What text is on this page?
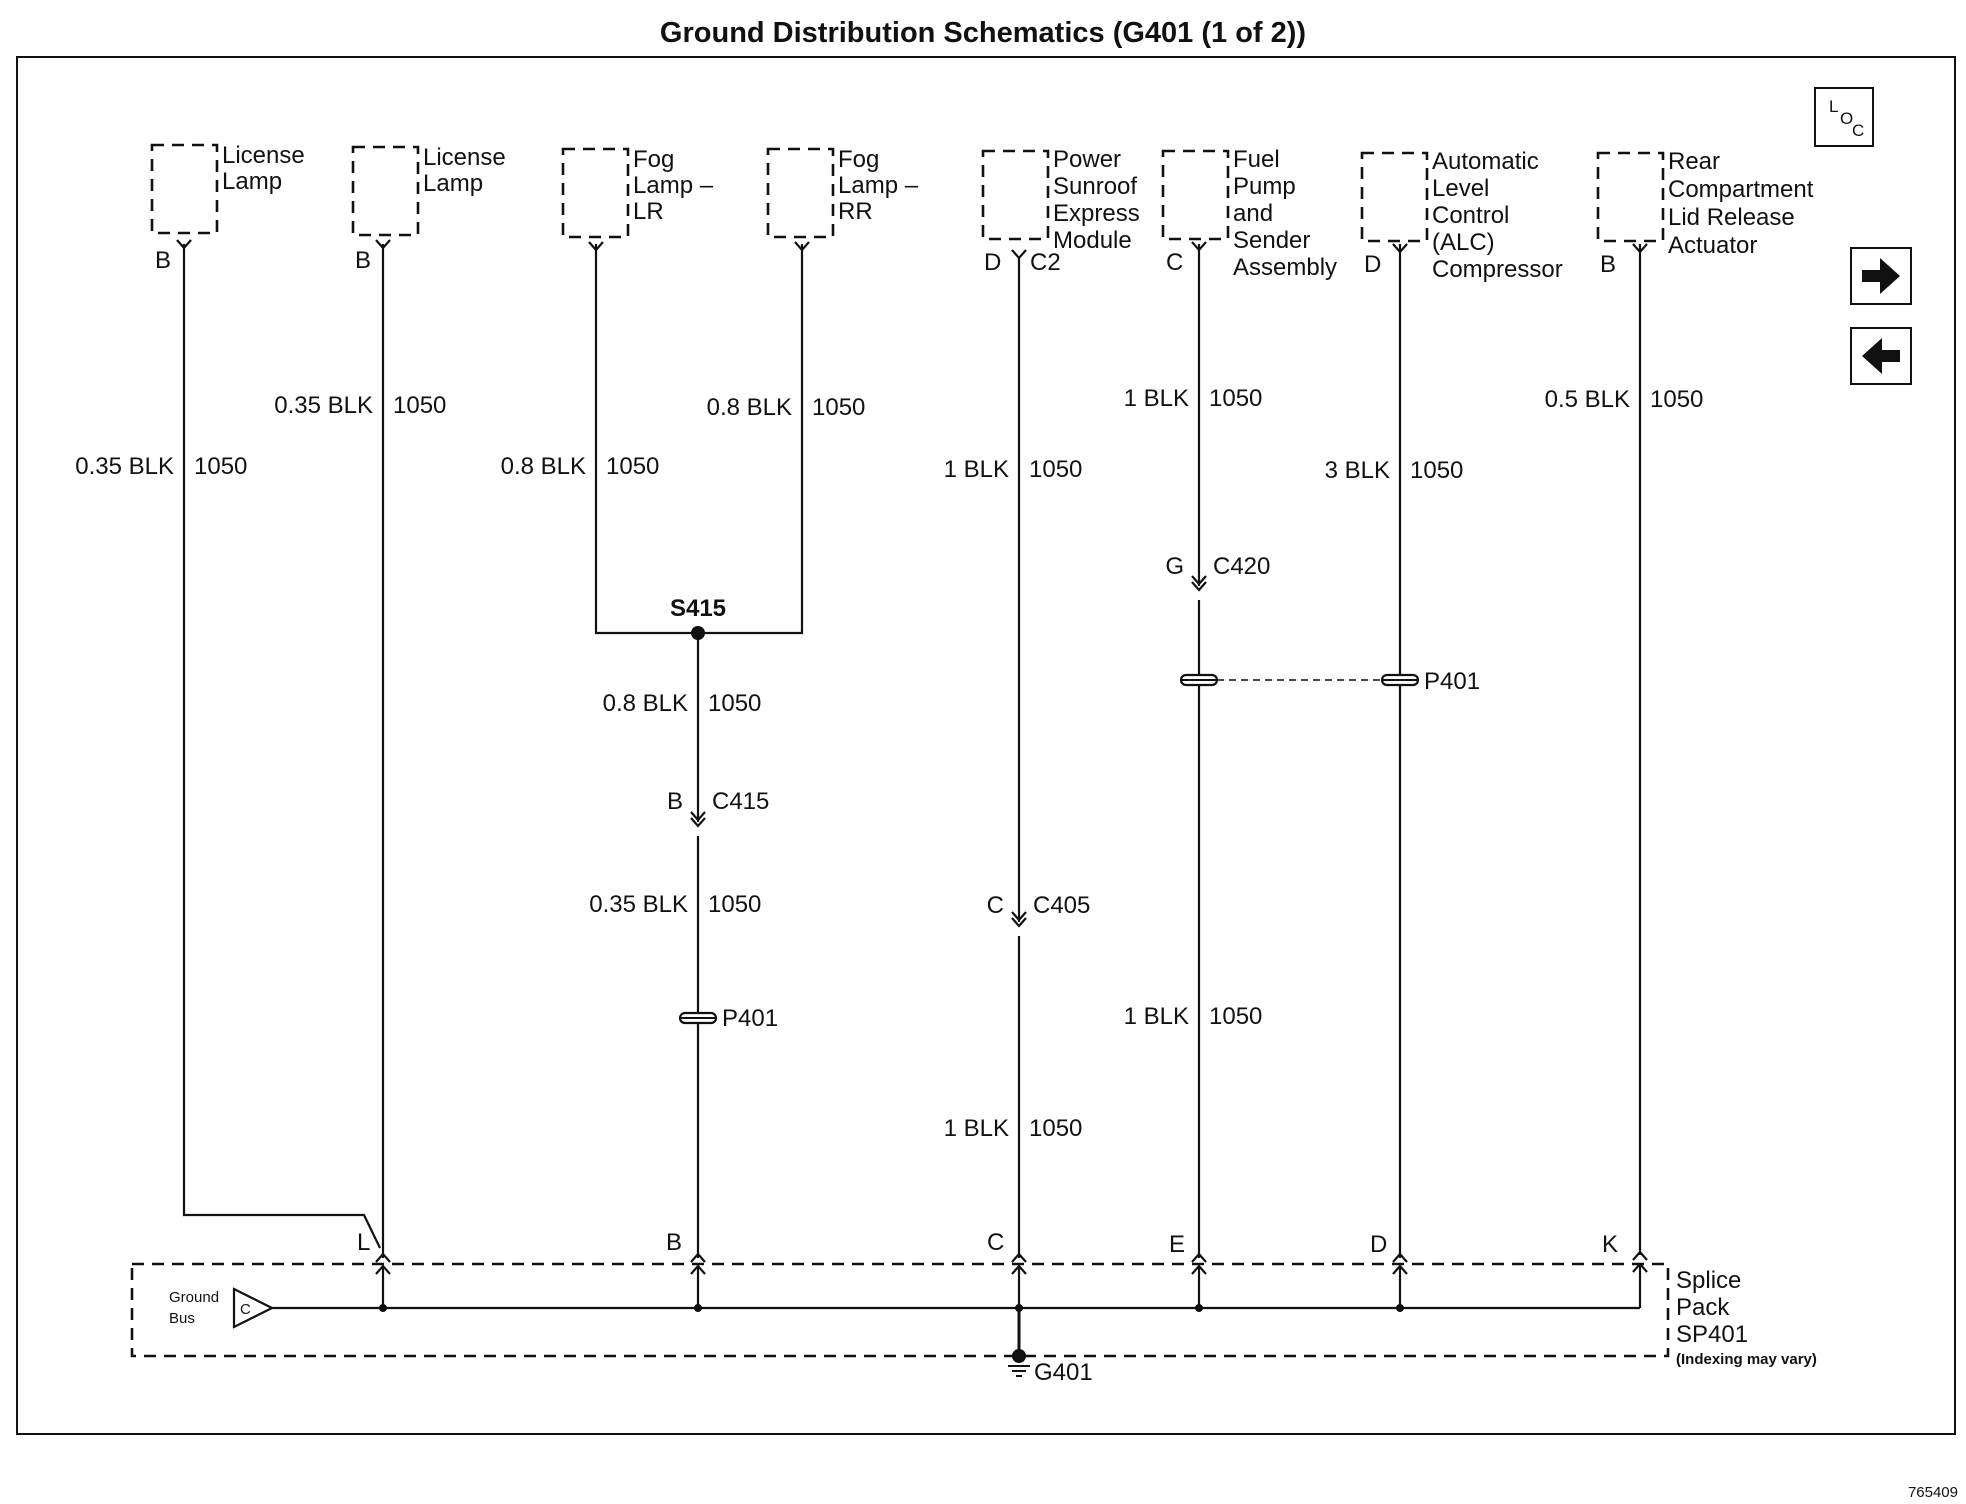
Ground Distribution Schematics (G401 (1 of 2))
765409
L
O
C
License
Lamp
B
License
Lamp
B
Fog
Lamp –
LR
Fog
Lamp –
RR
Power
Sunroof
Express
Module
D C2
Fuel
Pump
and
Sender
Assembly
C
Automatic
Level
Control
(ALC)
Compressor
D
Rear
Compartment
Lid Release
Actuator
B
0.35 BLK 1050
0.35 BLK 1050
0.8 BLK 1050
0.8 BLK 1050
1 BLK 1050
1 BLK 1050
3 BLK 1050
0.5 BLK 1050
0.8 BLK 1050
0.35 BLK 1050
1 BLK 1050
1 BLK 1050
S415
B C415
C C405
G C420
P401
P401
L	B	C	E	D	K
C
Ground
Bus
Splice
Pack
SP401
(Indexing may vary)
G401
